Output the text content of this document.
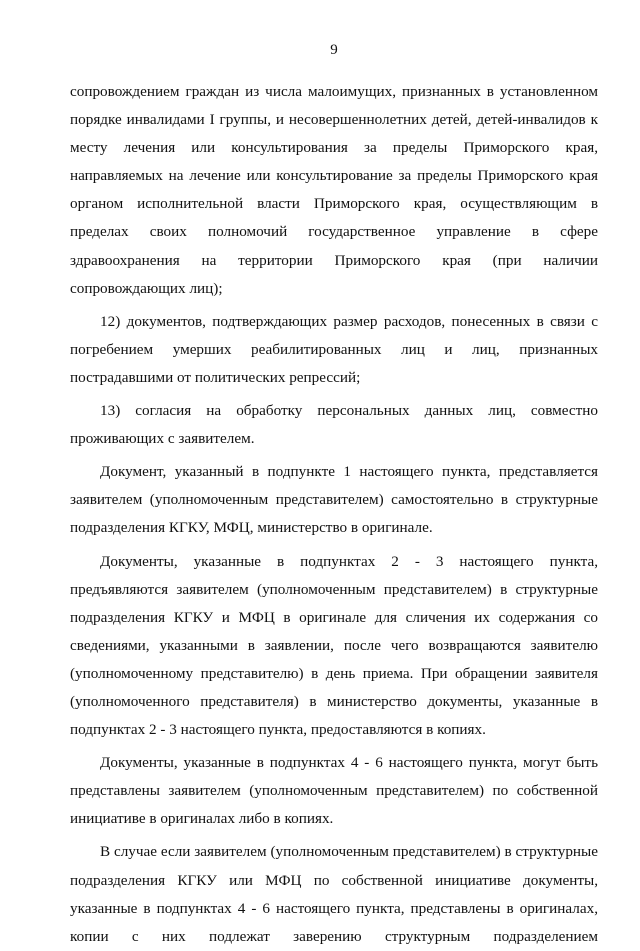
9

сопровождением граждан из числа малоимущих, признанных в установленном порядке инвалидами I группы, и несовершеннолетних детей, детей-инвалидов к месту лечения или консультирования за пределы Приморского края, направляемых на лечение или консультирование за пределы Приморского края органом исполнительной власти Приморского края, осуществляющим в пределах своих полномочий государственное управление в сфере здравоохранения на территории Приморского края (при наличии сопровождающих лиц);

12) документов, подтверждающих размер расходов, понесенных в связи с погребением умерших реабилитированных лиц и лиц, признанных пострадавшими от политических репрессий;

13) согласия на обработку персональных данных лиц, совместно проживающих с заявителем.

Документ, указанный в подпункте 1 настоящего пункта, представляется заявителем (уполномоченным представителем) самостоятельно в структурные подразделения КГКУ, МФЦ, министерство в оригинале.

Документы, указанные в подпунктах 2 - 3 настоящего пункта, предъявляются заявителем (уполномоченным представителем) в структурные подразделения КГКУ и МФЦ в оригинале для сличения их содержания со сведениями, указанными в заявлении, после чего возвращаются заявителю (уполномоченному представителю) в день приема. При обращении заявителя (уполномоченного представителя) в министерство документы, указанные в подпунктах 2 - 3 настоящего пункта, предоставляются в копиях.

Документы, указанные в подпунктах 4 - 6 настоящего пункта, могут быть представлены заявителем (уполномоченным представителем) по собственной инициативе в оригиналах либо в копиях.

В случае если заявителем (уполномоченным представителем) в структурные подразделения КГКУ или МФЦ по собственной инициативе документы, указанные в подпунктах 4 - 6 настоящего пункта, представлены в оригиналах, копии с них подлежат заверению структурным подразделением
